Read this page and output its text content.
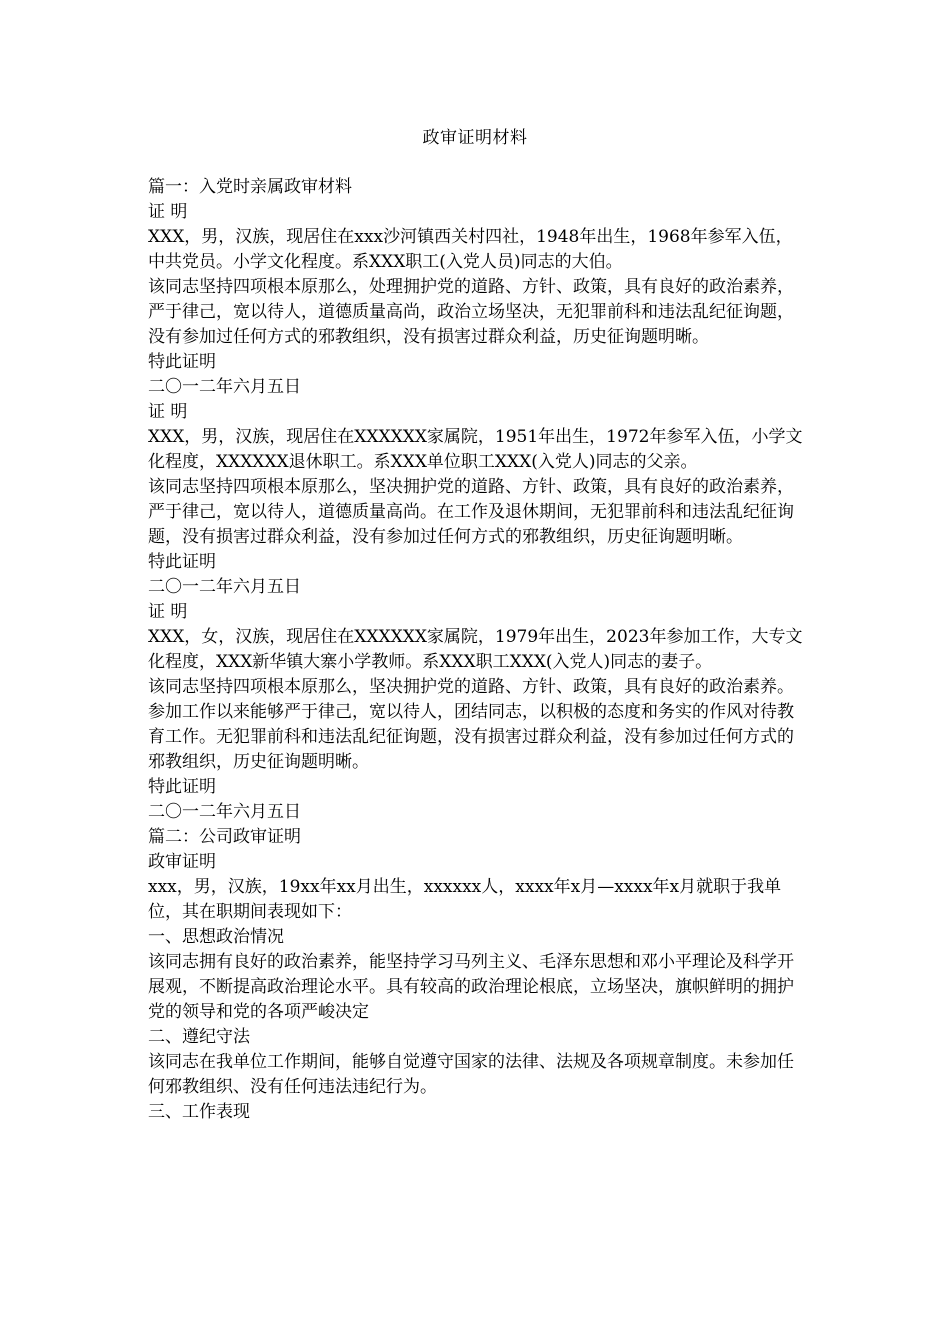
政审证明材料

篇一：入党时亲属政审材料

证 明

XXX，男，汉族，现居住在xxx沙河镇西关村四社，1948年出生，1968年参军入伍，中共党员。小学文化程度。系XXX职工(入党人员)同志的大伯。

该同志坚持四项根本原那么，处理拥护党的道路、方针、政策，具有良好的政治素养，严于律己，宽以待人，道德质量高尚，政治立场坚决，无犯罪前科和违法乱纪征询题，没有参加过任何方式的邪教组织，没有损害过群众利益，历史征询题明晰。

特此证明

二〇一二年六月五日

证 明

XXX，男，汉族，现居住在XXXXXX家属院，1951年出生，1972年参军入伍，小学文化程度，XXXXXX退休职工。系XXX单位职工XXX(入党人)同志的父亲。

该同志坚持四项根本原那么，坚决拥护党的道路、方针、政策，具有良好的政治素养，严于律己，宽以待人，道德质量高尚。在工作及退休期间，无犯罪前科和违法乱纪征询题，没有损害过群众利益，没有参加过任何方式的邪教组织，历史征询题明晰。

特此证明

二〇一二年六月五日

证 明

XXX，女，汉族，现居住在XXXXXX家属院，1979年出生，2023年参加工作，大专文化程度，XXX新华镇大寨小学教师。系XXX职工XXX(入党人)同志的妻子。

该同志坚持四项根本原那么，坚决拥护党的道路、方针、政策，具有良好的政治素养。参加工作以来能够严于律己，宽以待人，团结同志，以积极的态度和务实的作风对待教育工作。无犯罪前科和违法乱纪征询题，没有损害过群众利益，没有参加过任何方式的邪教组织，历史征询题明晰。

特此证明

二〇一二年六月五日

篇二：公司政审证明

政审证明

xxx，男，汉族，19xx年xx月出生，xxxxxx人，xxxx年x月—xxxx年x月就职于我单位，其在职期间表现如下：

一、思想政治情况

该同志拥有良好的政治素养，能坚持学习马列主义、毛泽东思想和邓小平理论及科学开展观，不断提高政治理论水平。具有较高的政治理论根底，立场坚决，旗帜鲜明的拥护党的领导和党的各项严峻决定

二、遵纪守法

该同志在我单位工作期间，能够自觉遵守国家的法律、法规及各项规章制度。未参加任何邪教组织、没有任何违法违纪行为。

三、工作表现
